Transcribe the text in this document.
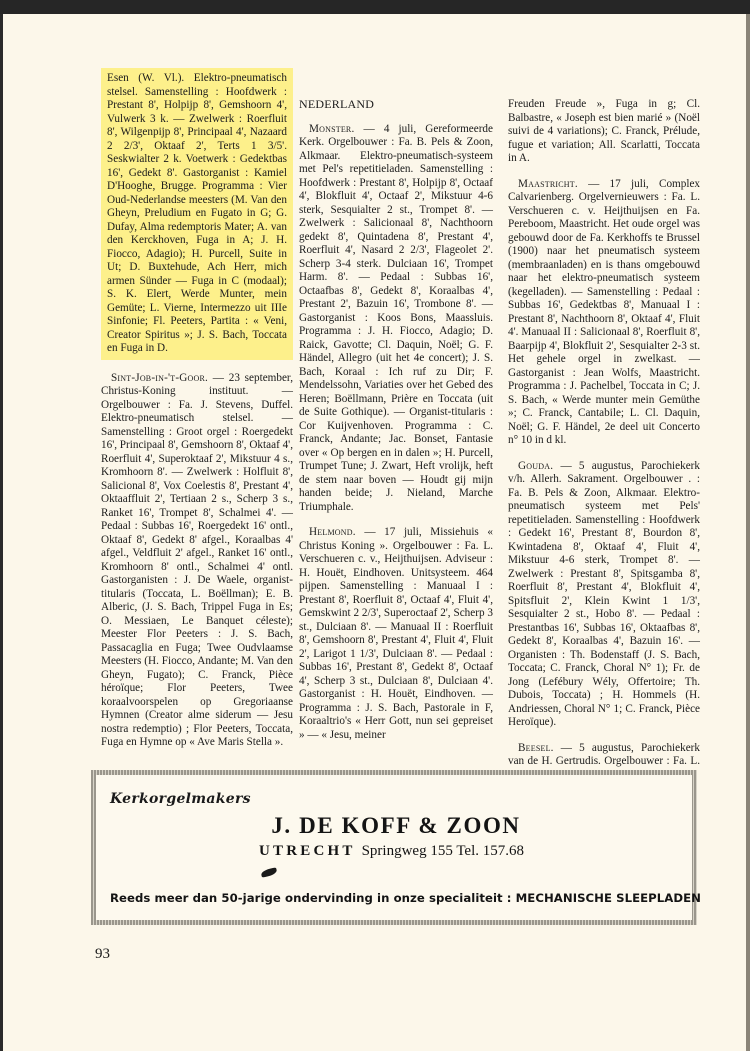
Esen (W. Vl.). Elektro-pneumatisch stelsel. Samenstelling : Hoofdwerk : Prestant 8', Holpijp 8', Gemshoorn 4', Vulwerk 3 k. — Zwelwerk : Roerfluit 8', Wilgenpijp 8', Principaal 4', Nazaard 2 2/3', Oktaaf 2', Terts 1 3/5'. Seskwialter 2 k. Voetwerk : Gedektbas 16', Gedekt 8'. Gastorganist : Kamiel D'Hooghe, Brugge. Programma : Vier Oud-Nederlandse meesters (M. Van den Gheyn, Preludium en Fugato in G; G. Dufay, Alma redemptoris Mater; A. van den Kerckhoven, Fuga in A; J. H. Fiocco, Adagio); H. Purcell, Suite in Ut; D. Buxtehude, Ach Herr, mich armen Sünder — Fuga in C (modaal); S. K. Elert, Werde Munter, mein Gemüte; L. Vierne, Intermezzo uit IIIe Sinfonie; Fl. Peeters, Partita : « Veni, Creator Spiritus »; J. S. Bach, Toccata en Fuga in D.

Sint-Job-in-'t-Goor. — 23 september, Christus-Koning instituut. — Orgelbouwer : Fa. J. Stevens, Duffel. Elektro-pneumatisch stelsel. — Samenstelling : Groot orgel : Roergedekt 16', Principaal 8', Gemshoorn 8', Oktaaf 4', Roerfluit 4', Superoktaaf 2', Mikstuur 4 s., Kromhoorn 8'. — Zwelwerk : Holfluit 8', Salicional 8', Vox Coelestis 8', Prestant 4', Oktaaffluit 2', Tertiaan 2 s., Scherp 3 s., Ranket 16', Trompet 8', Schalmei 4'. — Pedaal : Subbas 16', Roergedekt 16' ontl., Oktaaf 8', Gedekt 8' afgel., Koraalbas 4' afgel., Veldfluit 2' afgel., Ranket 16' ontl., Kromhoorn 8' ontl., Schalmei 4' ontl. Gastorganisten : J. De Waele, organist-titularis (Toccata, L. Boëllman); E. B. Alberic, (J. S. Bach, Trippel Fuga in Es; O. Messiaen, Le Banquet céleste); Meester Flor Peeters : J. S. Bach, Passacaglia en Fuga; Twee Oudvlaamse Meesters (H. Fiocco, Andante; M. Van den Gheyn, Fugato); C. Franck, Pièce héroïque; Flor Peeters, Twee koraalvoorspelen op Gregoriaanse Hymnen (Creator alme siderum — Jesu nostra redemptio) ; Flor Peeters, Toccata, Fuga en Hymne op « Ave Maris Stella ».

NEDERLAND

Monster. — 4 juli, Gereformeerde Kerk. Orgelbouwer : Fa. B. Pels & Zoon, Alkmaar. Elektro-pneumatisch-systeem met Pel's repetitieladen. Samenstelling : Hoofdwerk : Prestant 8', Holpijp 8', Octaaf 4', Blokfluit 4', Octaaf 2', Mikstuur 4-6 sterk, Sesquialter 2 st., Trompet 8'. — Zwelwerk : Salicionaal 8', Nachthoorn gedekt 8', Quintadena 8', Prestant 4', Roerfluit 4', Nasard 2 2/3', Flageolet 2'. Scherp 3-4 sterk. Dulciaan 16', Trompet Harm. 8'. — Pedaal : Subbas 16', Octaafbas 8', Gedekt 8', Koraalbas 4', Prestant 2', Bazuin 16', Trombone 8'. — Gastorganist : Koos Bons, Maassluis. Programma : J. H. Fiocco, Adagio; D. Raick, Gavotte; Cl. Daquin, Noël; G. F. Händel, Allegro (uit het 4e concert); J. S. Bach, Koraal : Ich ruf zu Dir; F. Mendelssohn, Variaties over het Gebed des Heren; Boëllmann, Prière en Toccata (uit de Suite Gothique). — Organist-titularis : Cor Kuijvenhoven. Programma : C. Franck, Andante; Jac. Bonset, Fantasie over « Op bergen en in dalen »; H. Purcell, Trumpet Tune; J. Zwart, Heft vrolijk, heft de stem naar boven — Houdt gij mijn handen beide; J. Nieland, Marche Triumphale.

Helmond. — 17 juli, Missiehuis « Christus Koning ». Orgelbouwer : Fa. L. Verschueren c. v., Heijthuijsen. Adviseur : H. Houët, Eindhoven. Unitsysteem. 464 pijpen. Samenstelling : Manuaal I : Prestant 8', Roerfluit 8', Octaaf 4', Fluit 4', Gemskwint 2 2/3', Superoctaaf 2', Scherp 3 st., Dulciaan 8'. — Manuaal II : Roerfluit 8', Gemshoorn 8', Prestant 4', Fluit 4', Fluit 2', Larigot 1 1/3', Dulciaan 8'. — Pedaal : Subbas 16', Prestant 8', Gedekt 8', Octaaf 4', Scherp 3 st., Dulciaan 8', Dulciaan 4'. Gastorganist : H. Houët, Eindhoven. — Programma : J. S. Bach, Pastorale in F, Koraaltrio's « Herr Gott, nun sei gepreiset » — « Jesu, meiner

Freuden Freude », Fuga in g; Cl. Balbastre, « Joseph est bien marié » (Noël suivi de 4 variations); C. Franck, Prélude, fugue et variation; All. Scarlatti, Toccata in A.

Maastricht. — 17 juli, Complex Calvarienberg. Orgelvernieuwers : Fa. L. Verschueren c. v. Heijthuijsen en Fa. Pereboom, Maastricht. Het oude orgel was gebouwd door de Fa. Kerkhoffs te Brussel (1900) naar het pneumatisch systeem (membraanladen) en is thans omgebouwd naar het elektro-pneumatisch systeem (kegelladen). — Samenstelling : Pedaal : Subbas 16', Gedektbas 8', Manuaal I : Prestant 8', Nachthoorn 8', Oktaaf 4', Fluit 4'. Manuaal II : Salicionaal 8', Roerfluit 8', Baarpijp 4', Blokfluit 2', Sesquialter 2-3 st. Het gehele orgel in zwelkast. — Gastorganist : Jean Wolfs, Maastricht. Programma : J. Pachelbel, Toccata in C; J. S. Bach, « Werde munter mein Gemüthe »; C. Franck, Cantabile; L. Cl. Daquin, Noël; G. F. Händel, 2e deel uit Concerto n° 10 in d kl.

Gouda. — 5 augustus, Parochiekerk v/h. Allerh. Sakrament. Orgelbouwer . : Fa. B. Pels & Zoon, Alkmaar. Elektro-pneumatisch systeem met Pels' repetitieladen. Samenstelling : Hoofdwerk : Gedekt 16', Prestant 8', Bourdon 8', Kwintadena 8', Oktaaf 4', Fluit 4', Mikstuur 4-6 sterk, Trompet 8'. — Zwelwerk : Prestant 8', Spitsgamba 8', Roerfluit 8', Prestant 4', Blokfluit 4', Spitsfluit 2', Klein Kwint 1 1/3', Sesquialter 2 st., Hobo 8'. — Pedaal : Prestantbas 16', Subbas 16', Oktaafbas 8', Gedekt 8', Koraalbas 4', Bazuin 16'. — Organisten : Th. Bodenstaff (J. S. Bach, Toccata; C. Franck, Choral N° 1); Fr. de Jong (Lefébury Wély, Offertoire; Th. Dubois, Toccata) ; H. Hommels (H. Andriessen, Choral N° 1; C. Franck, Pièce Heroïque).

Beesel. — 5 augustus, Parochiekerk van de H. Gertrudis. Orgelbouwer : Fa. L.

Kerkorgelmakers
J. DE KOFF & ZOON
UTRECHT Springweg 155 Tel. 157.68
Reeds meer dan 50-jarige ondervinding in onze specialiteit : MECHANISCHE SLEEPLADEN
93
